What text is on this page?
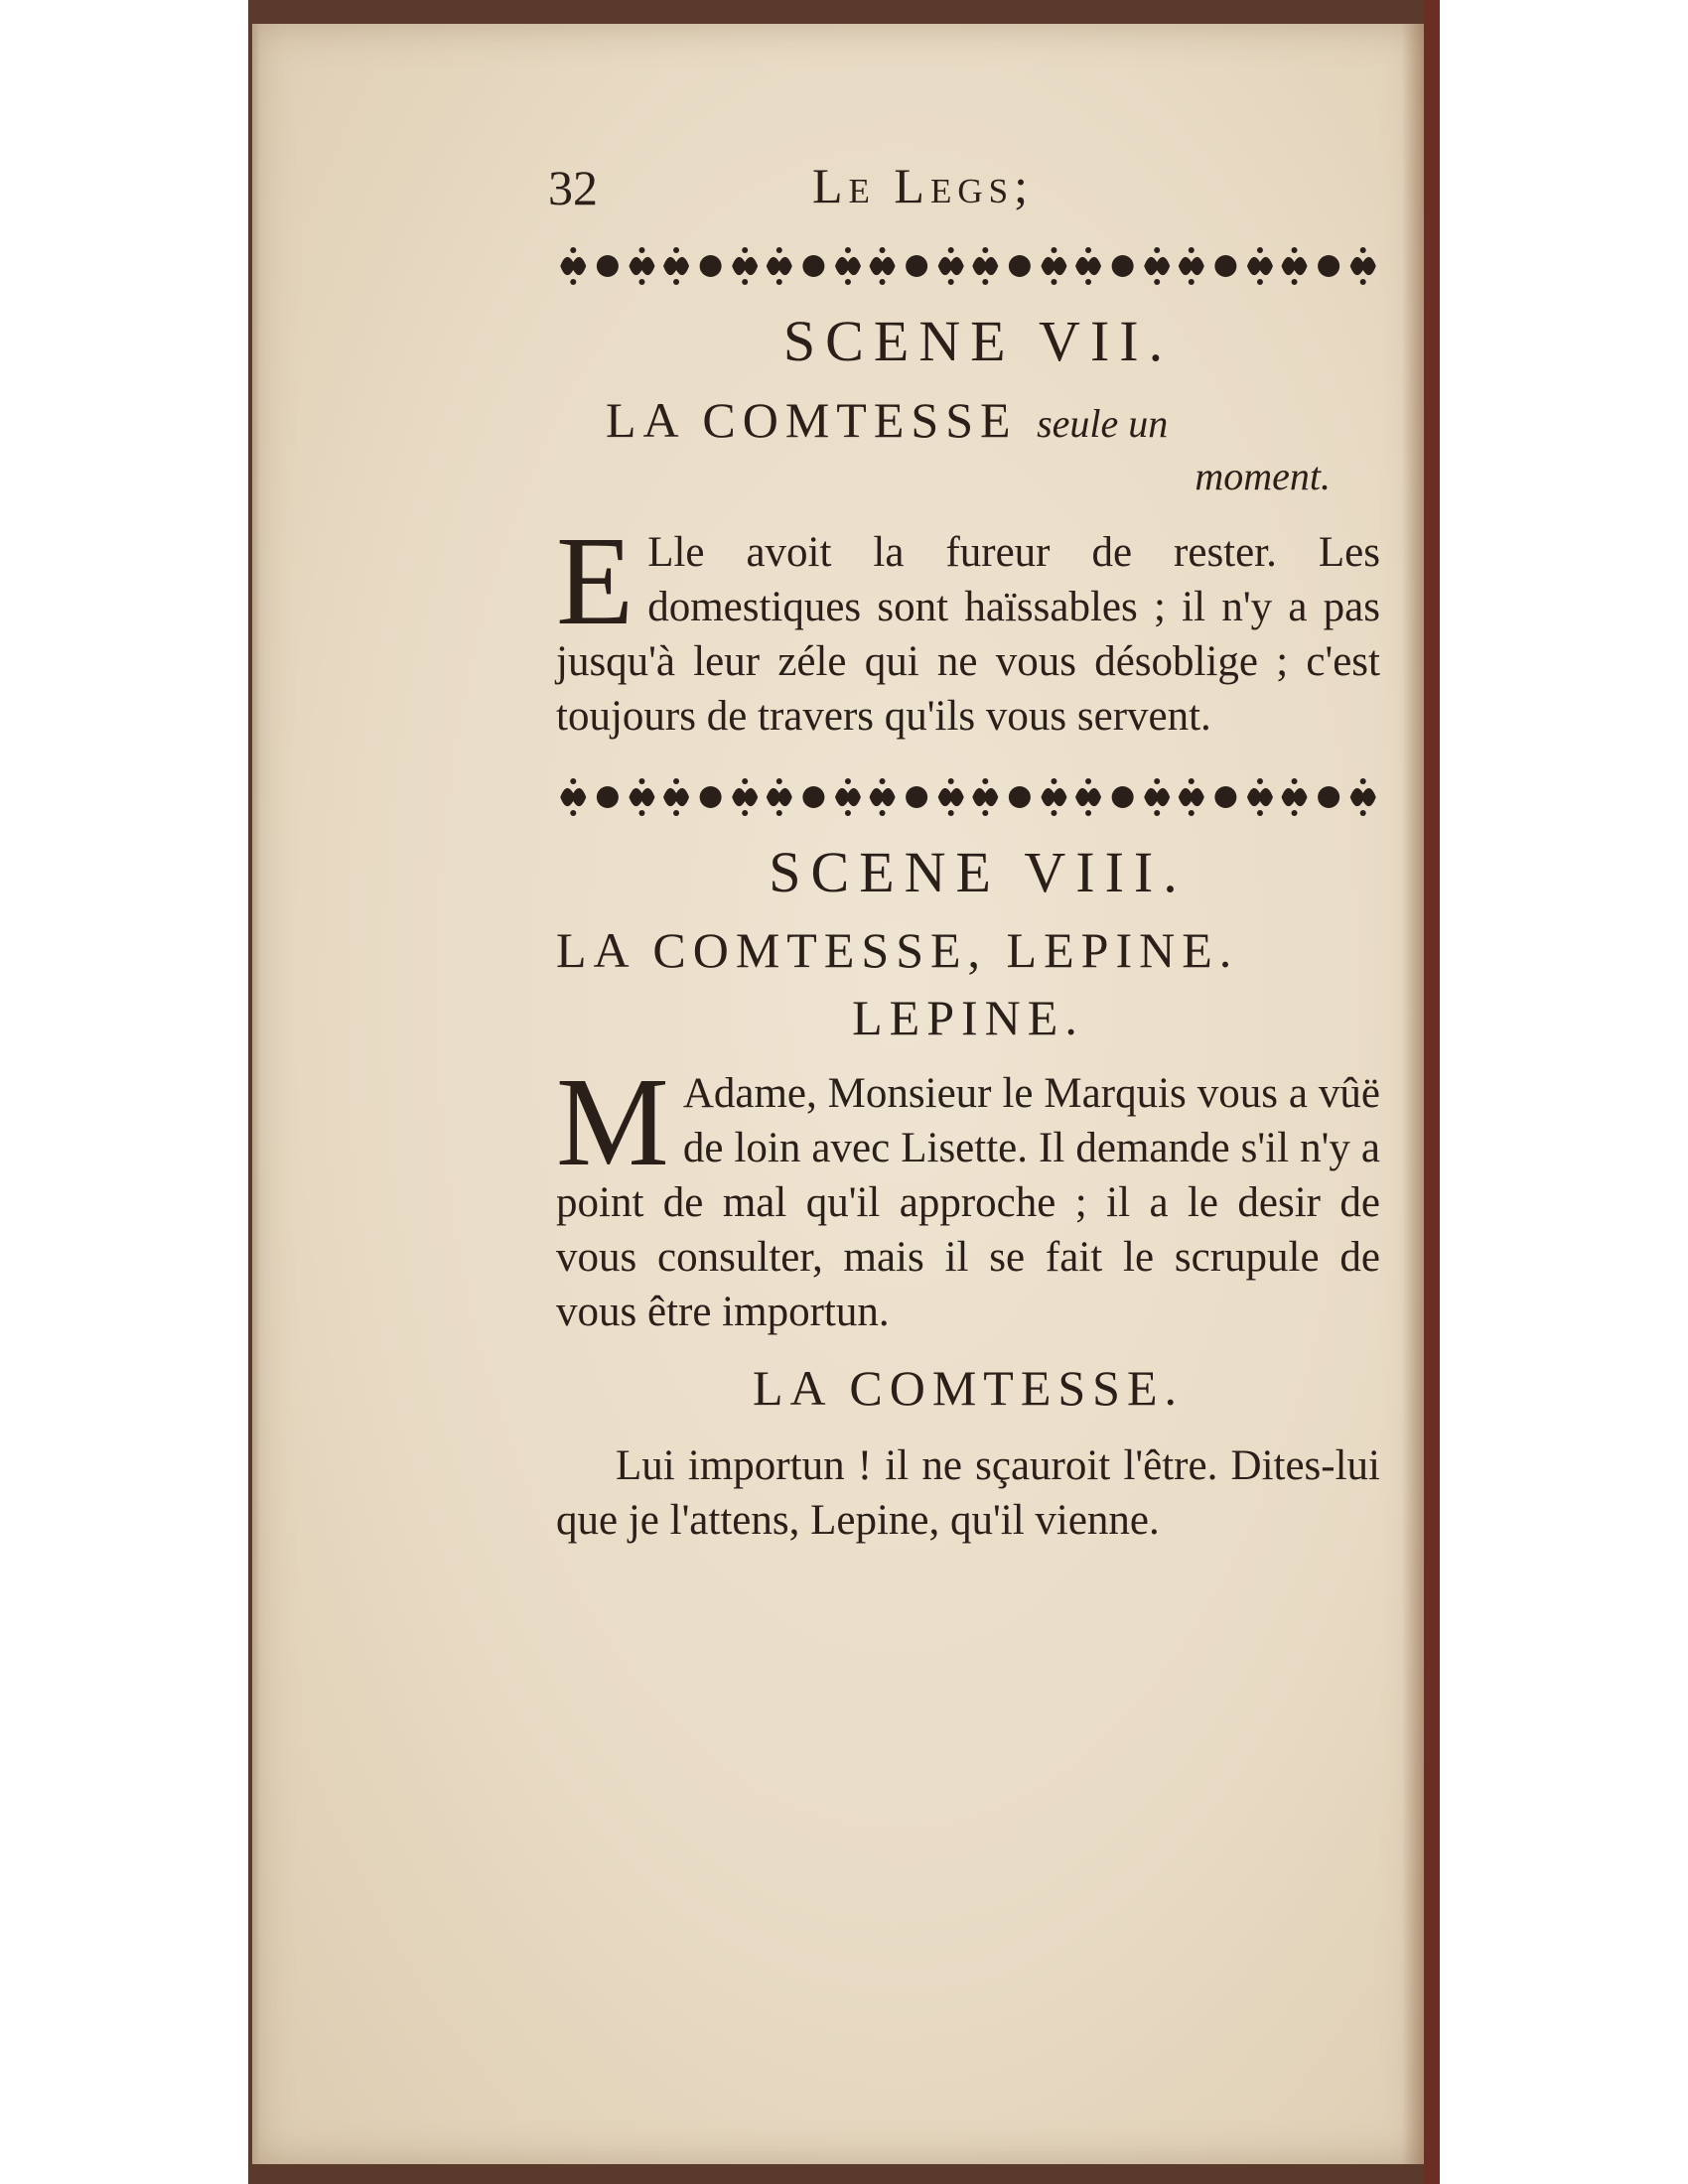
32	Le Legs;
SCENE VII.
LA COMTESSE seule un
moment.

E Lle avoit la fureur de rester. Les domestiques sont haïssables ; il n'y a pas jusqu'à leur zéle qui ne vous désoblige ; c'est toujours de travers qu'ils vous servent.

SCENE VIII.
LA COMTESSE, LEPINE.
LEPINE.

M Adame, Monsieur le Marquis vous a vûë de loin avec Lisette. Il demande s'il n'y a point de mal qu'il approche ; il a le desir de vous consulter, mais il se fait le scrupule de vous être importun.

LA COMTESSE.

Lui importun ! il ne sçauroit l'être. Dites-lui que je l'attens, Lepine, qu'il vienne.
